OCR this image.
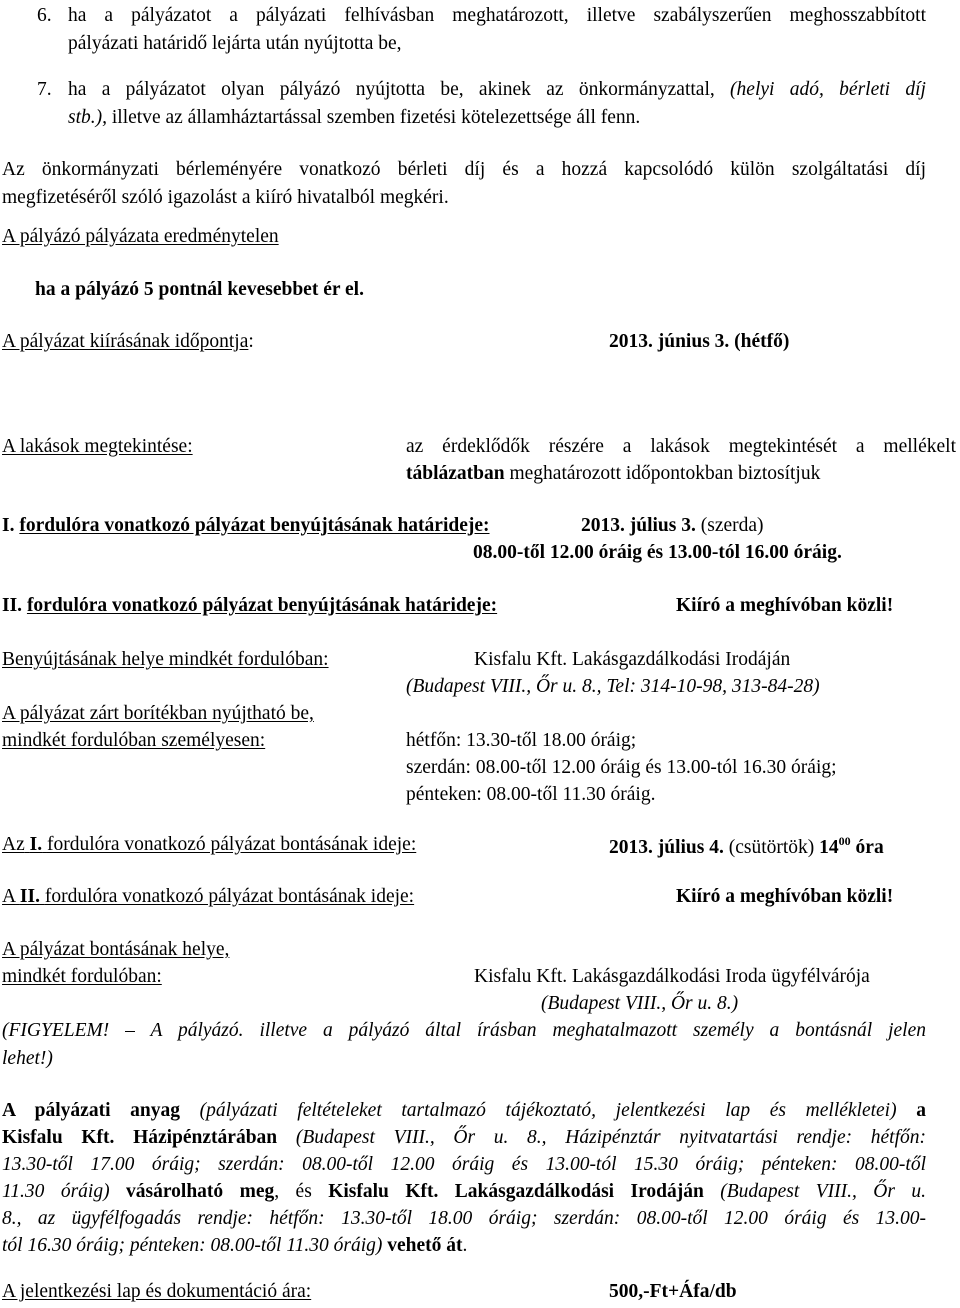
6. ha a pályázatot a pályázati felhívásban meghatározott, illetve szabályszerűen meghosszabbított
pályázati határidő lejárta után nyújtotta be,
7. ha a pályázatot olyan pályázó nyújtotta be, akinek az önkormányzattal, (helyi adó, bérleti díj
stb.), illetve az államháztartással szemben fizetési kötelezettsége áll fenn.
Az önkormányzati bérleményére vonatkozó bérleti díj és a hozzá kapcsolódó külön szolgáltatási díj
megfizetéséről szóló igazolást a kiíró hivatalból megkéri.
A pályázó pályázata eredménytelen
ha a pályázó 5 pontnál kevesebbet ér el.
A pályázat kiírásának időpontja:	2013. június 3. (hétfő)
A lakások megtekintése:	az érdeklődők részére a lakások megtekintését a mellékelt
táblázatban meghatározott időpontokban biztosítjuk
I. fordulóra vonatkozó pályázat benyújtásának határideje:	2013. július 3. (szerda)
08.00-től 12.00 óráig és 13.00-tól 16.00 óráig.
II. fordulóra vonatkozó pályázat benyújtásának határideje:	Kiíró a meghívóban közli!
Benyújtásának helye mindkét fordulóban:	Kisfalu Kft. Lakásgazdálkodási Irodáján
(Budapest VIII., Őr u. 8., Tel: 314-10-98, 313-84-28)
A pályázat zárt borítékban nyújtható be,
mindkét fordulóban személyesen:	hétfőn: 13.30-től 18.00 óráig;
szerdán: 08.00-től 12.00 óráig és 13.00-tól 16.30 óráig;
pénteken: 08.00-től 11.30 óráig.
Az I. fordulóra vonatkozó pályázat bontásának ideje:	2013. július 4. (csütörtök) $14^{00}$ óra
A II. fordulóra vonatkozó pályázat bontásának ideje:	Kiíró a meghívóban közli!
A pályázat bontásának helye,
mindkét fordulóban:	Kisfalu Kft. Lakásgazdálkodási Iroda ügyfélvárója
(Budapest VIII., Őr u. 8.)
(FIGYELEM! – A pályázó. illetve a pályázó által írásban meghatalmazott személy a bontásnál jelen
lehet!)
A pályázati anyag (pályázati feltételeket tartalmazó tájékoztató, jelentkezési lap és mellékletei) a
Kisfalu Kft. Házipénztárában (Budapest VIII., Őr u. 8., Házipénztár nyitvatartási rendje: hétfőn:
13.30-től 17.00 óráig; szerdán: 08.00-től 12.00 óráig és 13.00-tól 15.30 óráig; pénteken: 08.00-től
11.30 óráig) vásárolható meg, és Kisfalu Kft. Lakásgazdálkodási Irodáján (Budapest VIII., Őr u.
8., az ügyfélfogadás rendje: hétfőn: 13.30-től 18.00 óráig; szerdán: 08.00-től 12.00 óráig és 13.00-
tól 16.30 óráig; pénteken: 08.00-től 11.30 óráig) vehető át.
A jelentkezési lap és dokumentáció ára:	500,-Ft+Áfa/db
